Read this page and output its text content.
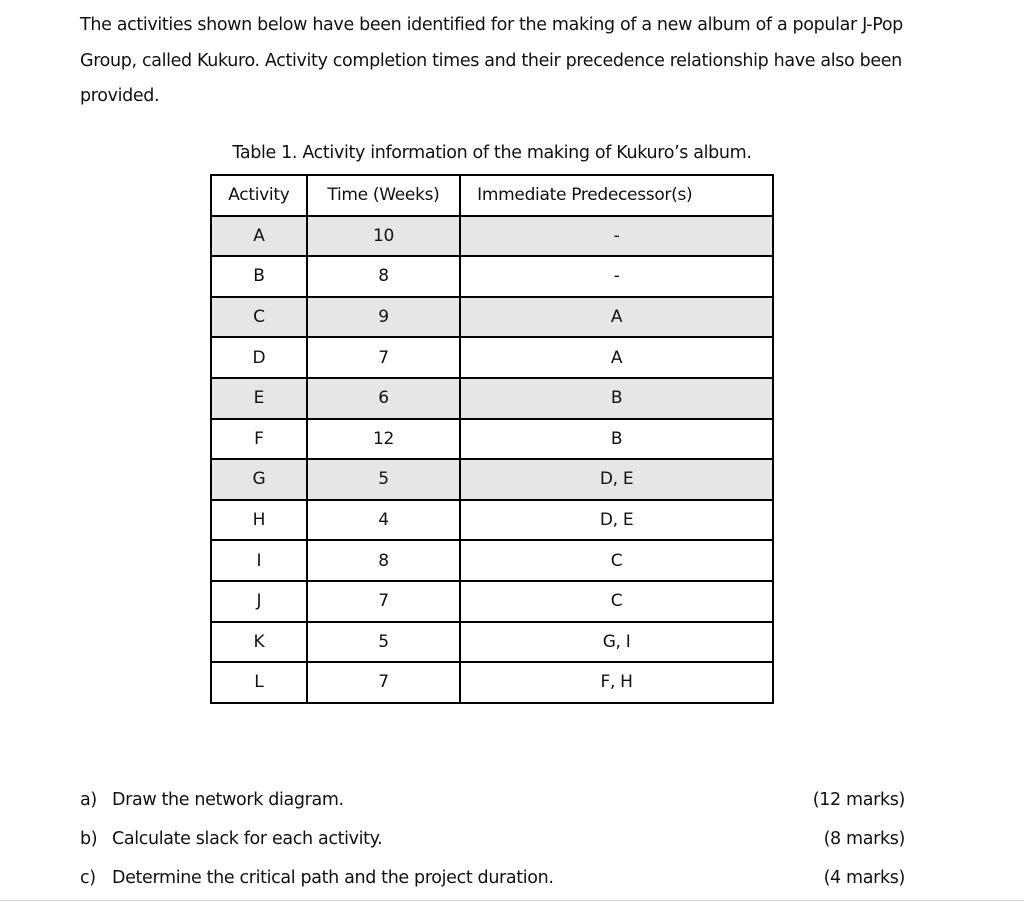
The activities shown below have been identified for the making of a new album of a popular J-Pop Group, called Kukuro. Activity completion times and their precedence relationship have also been provided.

Table 1. Activity information of the making of Kukuro’s album.

Activity	Time (Weeks)	Immediate Predecessor(s)
A	10	-
B	8	-
C	9	A
D	7	A
E	6	B
F	12	B
G	5	D, E
H	4	D, E
I	8	C
J	7	C
K	5	G, I
L	7	F, H
a) Draw the network diagram.	(12 marks)
b) Calculate slack for each activity.	(8 marks)
c) Determine the critical path and the project duration.	(4 marks)
